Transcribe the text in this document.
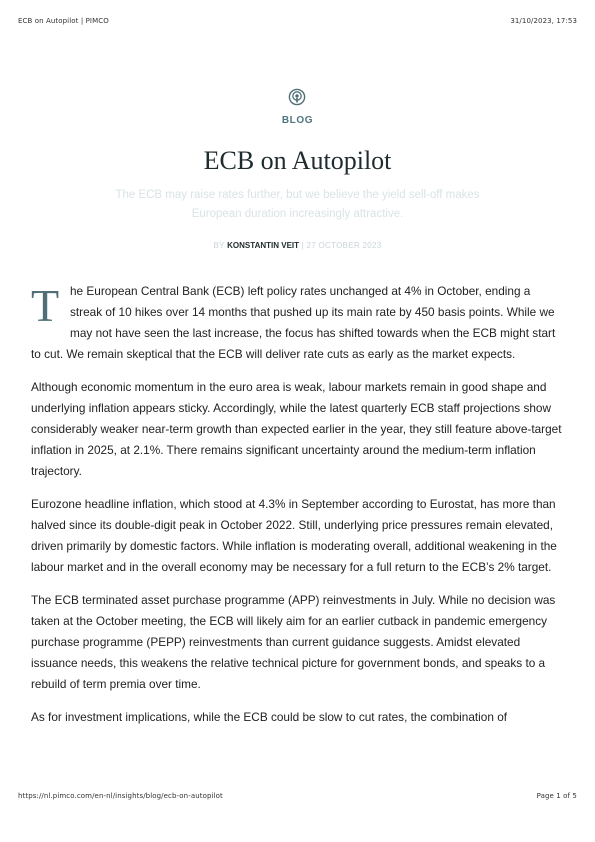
ECB on Autopilot | PIMCO	31/10/2023, 17:53
BLOG
ECB on Autopilot
The ECB may raise rates further, but we believe the yield sell-off makes European duration increasingly attractive.
BY KONSTANTIN VEIT | 27 OCTOBER 2023

The European Central Bank (ECB) left policy rates unchanged at 4% in October, ending a streak of 10 hikes over 14 months that pushed up its main rate by 450 basis points. While we may not have seen the last increase, the focus has shifted towards when the ECB might start to cut. We remain skeptical that the ECB will deliver rate cuts as early as the market expects.

Although economic momentum in the euro area is weak, labour markets remain in good shape and underlying inflation appears sticky. Accordingly, while the latest quarterly ECB staff projections show considerably weaker near-term growth than expected earlier in the year, they still feature above-target inflation in 2025, at 2.1%. There remains significant uncertainty around the medium-term inflation trajectory.

Eurozone headline inflation, which stood at 4.3% in September according to Eurostat, has more than halved since its double-digit peak in October 2022. Still, underlying price pressures remain elevated, driven primarily by domestic factors. While inflation is moderating overall, additional weakening in the labour market and in the overall economy may be necessary for a full return to the ECB’s 2% target.

The ECB terminated asset purchase programme (APP) reinvestments in July. While no decision was taken at the October meeting, the ECB will likely aim for an earlier cutback in pandemic emergency purchase programme (PEPP) reinvestments than current guidance suggests. Amidst elevated issuance needs, this weakens the relative technical picture for government bonds, and speaks to a rebuild of term premia over time.

As for investment implications, while the ECB could be slow to cut rates, the combination of

https://nl.pimco.com/en-nl/insights/blog/ecb-on-autopilot	Page 1 of 5
